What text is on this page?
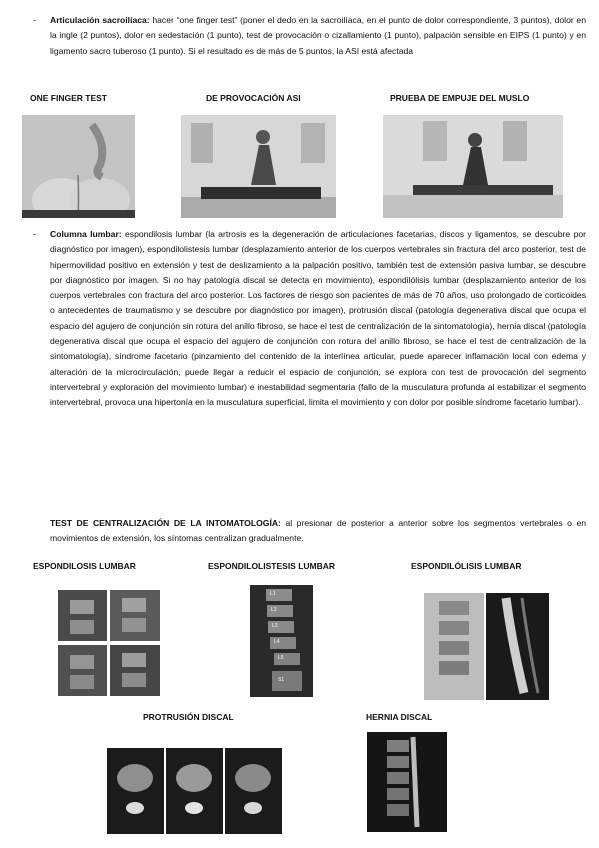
- Articulación sacroilíaca: hacer “one finger test” (poner el dedo en la sacroilíaca, en el punto de dolor correspondiente, 3 puntos), dolor en la ingle (2 puntos), dolor en sedestación (1 punto), test de provocación o cizallamiento (1 punto), palpación sensible en EIPS (1 punto) y en ligamento sacro tuberoso (1 punto). Si el resultado es de más de 5 puntos, la ASI está afectada
ONE FINGER TEST	DE PROVOCACIÓN ASI	PRUEBA DE EMPUJE DEL MUSLO
- Columna lumbar: espondilosis lumbar (la artrosis es la degeneración de articulaciones facetarias, discos y ligamentos, se descubre por diagnóstico por imagen), espondilolistesis lumbar (desplazamiento anterior de los cuerpos vertebrales sin fractura del arco posterior, test de hipermovilidad positivo en extensión y test de deslizamiento a la palpación positivo, también test de extensión pasiva lumbar, se descubre por diagnóstico por imagen. Si no hay patología discal se detecta en movimiento), espondilólisis lumbar (desplazamiento anterior de los cuerpos vertebrales con fractura del arco posterior. Los factores de riesgo son pacientes de más de 70 años, uso prolongado de corticoides o antecedentes de traumatismo y se descubre por diagnóstico por imagen), protrusión discal (patología degenerativa discal que ocupa el espacio del agujero de conjunción sin rotura del anillo fibroso, se hace el test de centralización de la sintomatología), hernia discal (patología degenerativa discal que ocupa el espacio del agujero de conjunción con rotura del anillo fibroso, se hace el test de centralización de la sintomatología), síndrome facetario (pinzamiento del contenido de la interlínea articular, puede aparecer inflamación local con edema y alteración de la microcirculación, puede llegar a reducir el espacio de conjunción, se explora con test de provocación del segmento intervertebral y exploración del movimiento lumbar) e inestabilidad segmentaria (fallo de la musculatura profunda al estabilizar el segmento intervertebral, provoca una hipertonía en la musculatura superficial, limita el movimiento y con dolor por posible síndrome facetario lumbar).
TEST DE CENTRALIZACIÓN DE LA INTOMATOLOGÍA: al presionar de posterior a anterior sobre los segmentos vertebrales o en movimientos de extensión, los síntomas centralizan gradualmente.
ESPONDILOSIS LUMBAR	ESPONDILOLISTESIS LUMBAR	ESPONDILÓLISIS LUMBAR
L1
L2
L3
L4
L5
S1
PROTRUSIÓN DISCAL	HERNIA DISCAL
